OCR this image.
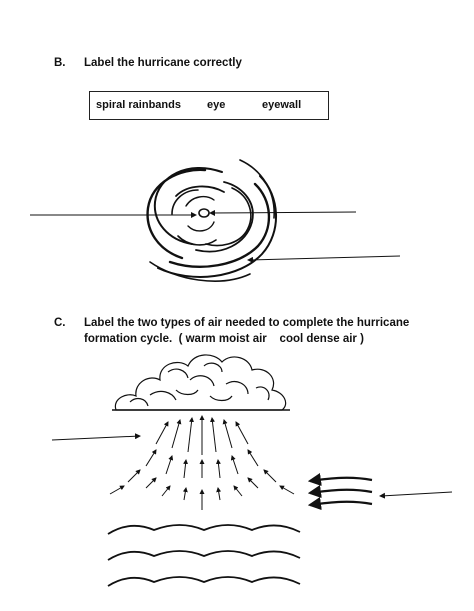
B. Label the hurricane correctly
spiral rainbands eye	eyewall
C. Label the two types of air needed to complete the hurricane
formation cycle.  ( warm moist air    cool dense air )
